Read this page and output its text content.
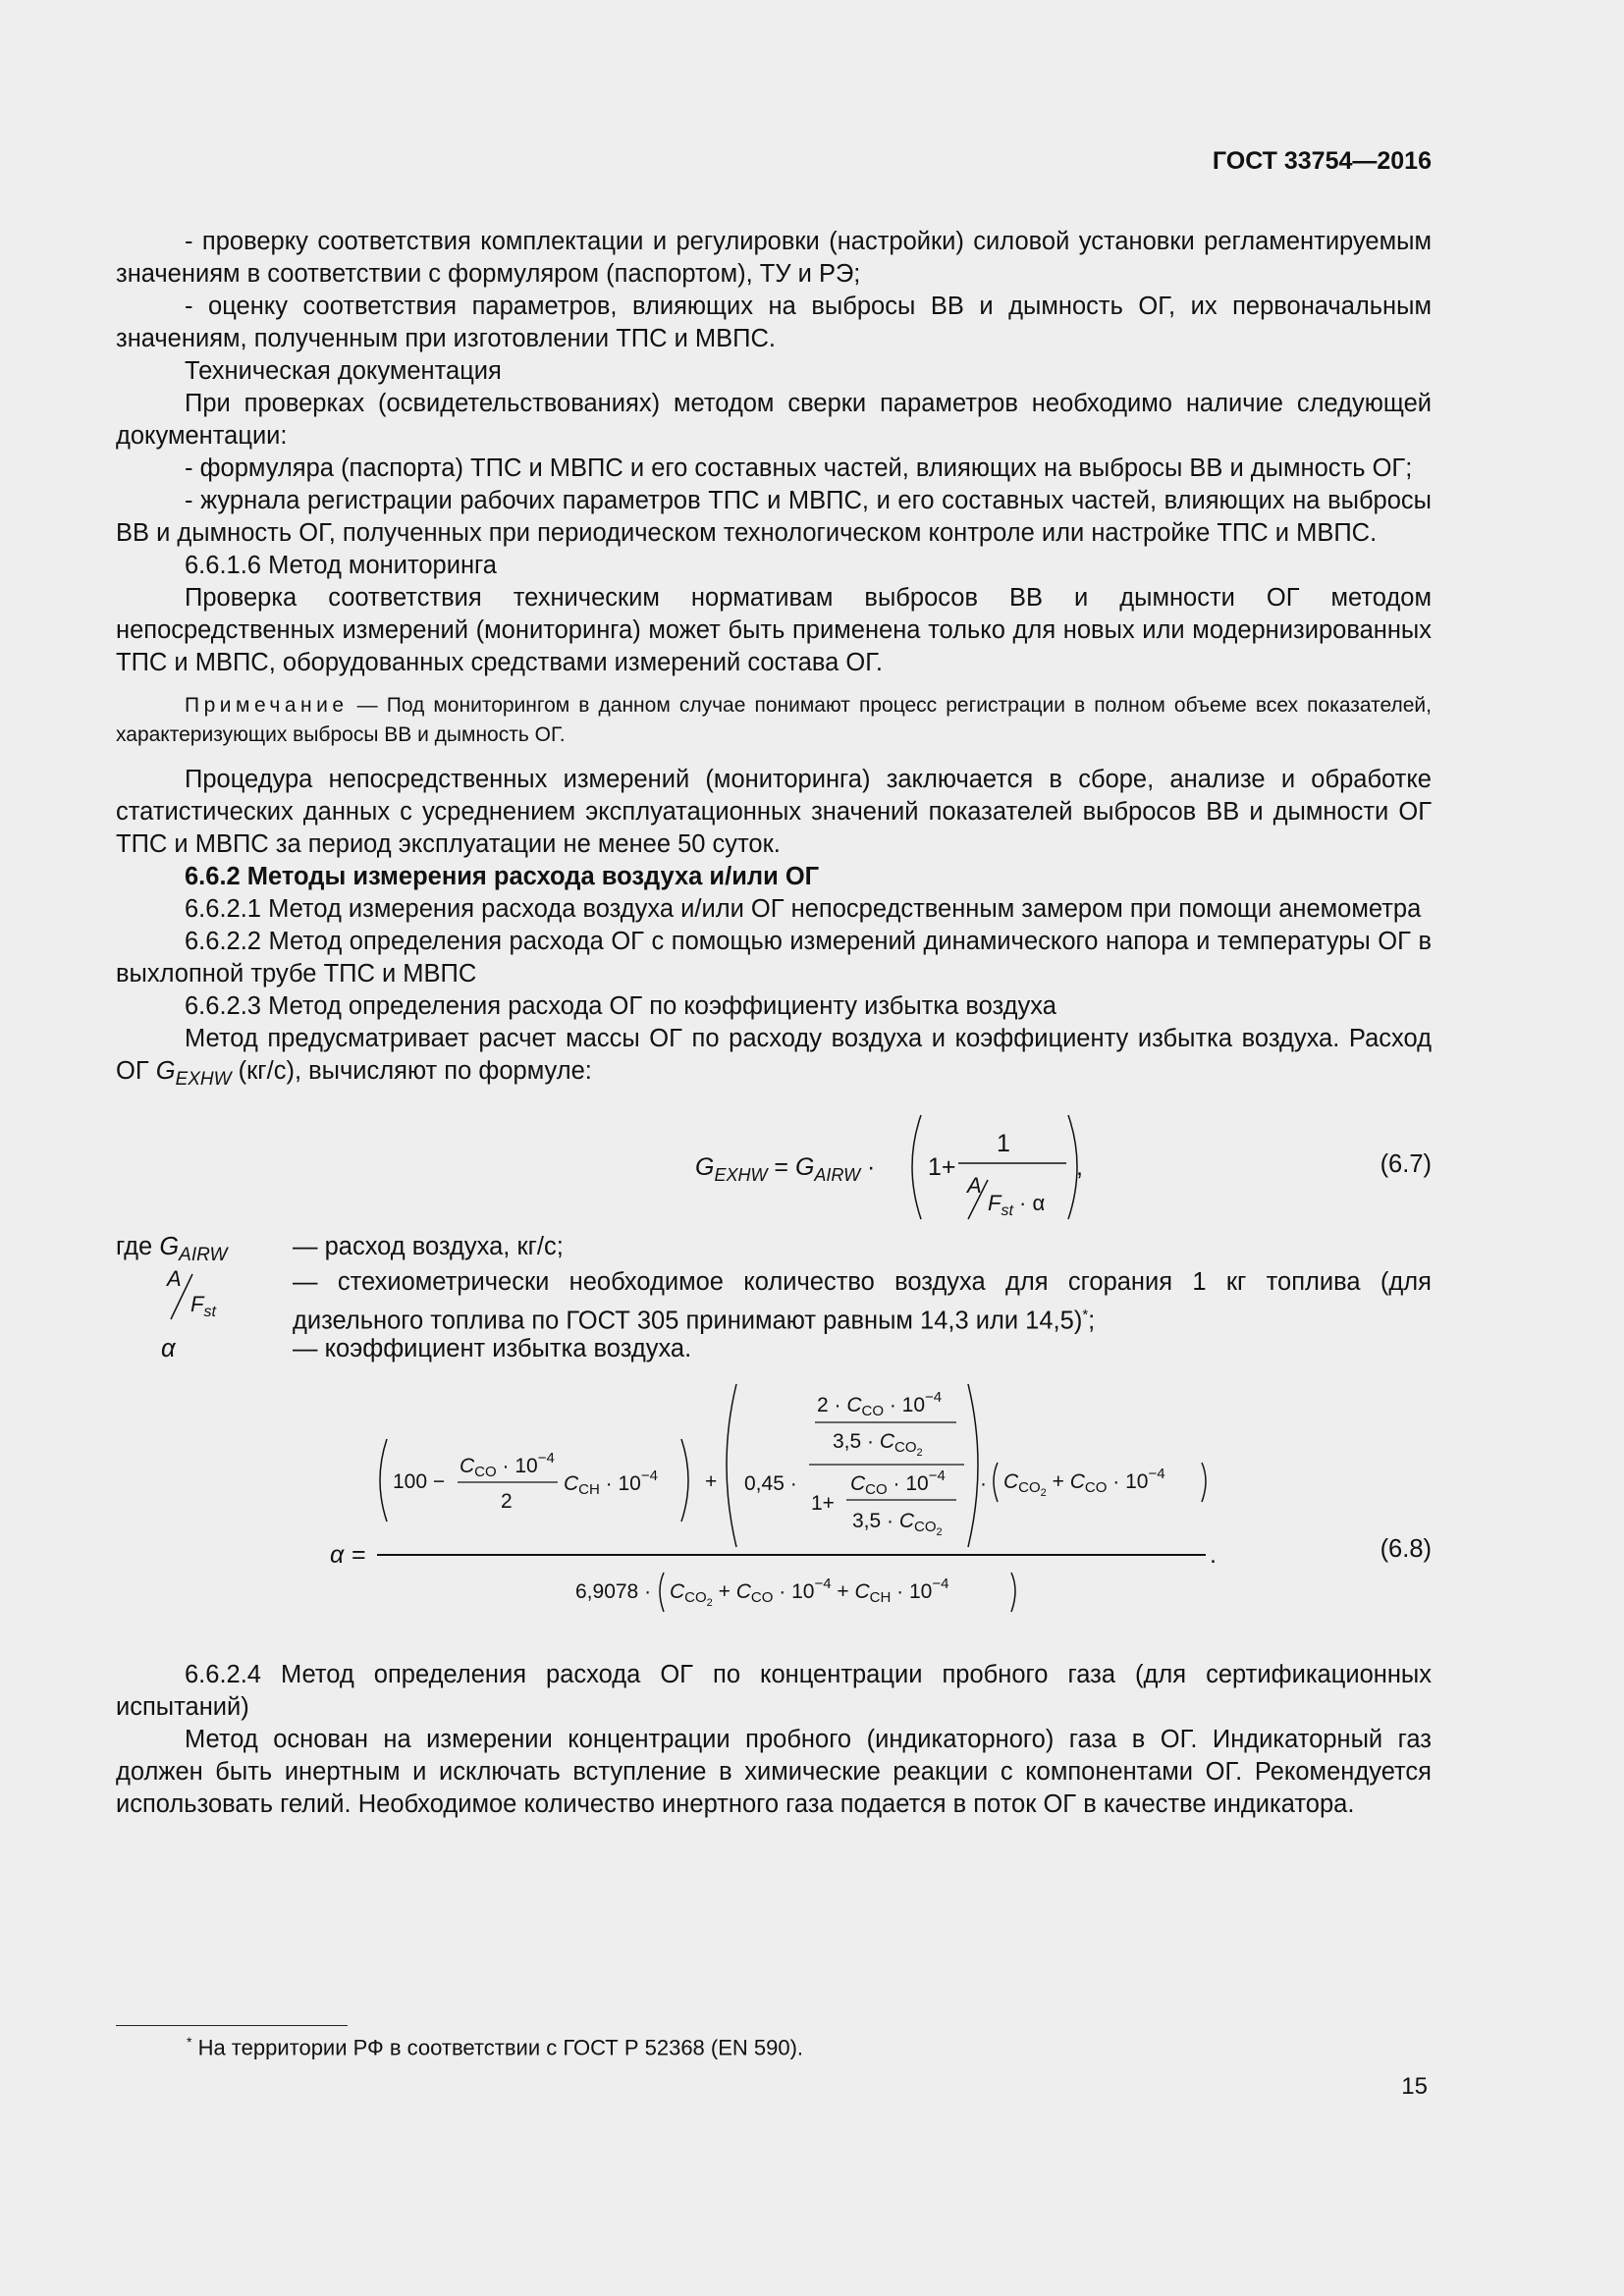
ГОСТ 33754—2016

- проверку соответствия комплектации и регулировки (настройки) силовой установки регламентируемым значениям в соответствии с формуляром (паспортом), ТУ и РЭ;

- оценку соответствия параметров, влияющих на выбросы ВВ и дымность ОГ, их первоначальным значениям, полученным при изготовлении ТПС и МВПС.

Техническая документация

При проверках (освидетельствованиях) методом сверки параметров необходимо наличие следующей документации:

- формуляра (паспорта) ТПС и МВПС и его составных частей, влияющих на выбросы ВВ и дымность ОГ;

- журнала регистрации рабочих параметров ТПС и МВПС, и его составных частей, влияющих на выбросы ВВ и дымность ОГ, полученных при периодическом технологическом контроле или настройке ТПС и МВПС.

6.6.1.6 Метод мониторинга

Проверка соответствия техническим нормативам выбросов ВВ и дымности ОГ методом непосредственных измерений (мониторинга) может быть применена только для новых или модернизированных ТПС и МВПС, оборудованных средствами измерений состава ОГ.

Примечание — Под мониторингом в данном случае понимают процесс регистрации в полном объеме всех показателей, характеризующих выбросы ВВ и дымность ОГ.

Процедура непосредственных измерений (мониторинга) заключается в сборе, анализе и обработке статистических данных с усреднением эксплуатационных значений показателей выбросов ВВ и дымности ОГ ТПС и МВПС за период эксплуатации не менее 50 суток.

6.6.2 Методы измерения расхода воздуха и/или ОГ

6.6.2.1 Метод измерения расхода воздуха и/или ОГ непосредственным замером при помощи анемометра

6.6.2.2 Метод определения расхода ОГ с помощью измерений динамического напора и температуры ОГ в выхлопной трубе ТПС и МВПС

6.6.2.3 Метод определения расхода ОГ по коэффициенту избытка воздуха

Метод предусматривает расчет массы ОГ по расходу воздуха и коэффициенту избытка воздуха. Расход ОГ $G_{EXHW}$ (кг/с), вычисляют по формуле:

$G_{EXHW} = G_{AIRW} \cdot 1+$
1
A
$F_{st} \cdot \alpha$
,	(6.7)
где $G_{AIRW}$	— расход воздуха, кг/с;
A
$F_{st}$
— стехиометрически необходимое количество воздуха для сгорания 1 кг топлива (для дизельного топлива по ГОСТ 305 принимают равным 14,3 или 14,5)*;
α	— коэффициент избытка воздуха.
α =	.
100 −
CCO · $10^{-4}$
2
CCH · $10^{-4} + 0,45$ ·
2 · CCO · $10^{-4}$
3,5 · CCO2
1+
CCO · $10^{-4}$
3,5 · CCO2
· CCO2 + CCO · $10^{-4}$
6,9078 · CCO2 + CCO · $10^{-4}$ + CCH · $10^{-4}$
(6.8)

6.6.2.4 Метод определения расхода ОГ по концентрации пробного газа (для сертификационных испытаний)

Метод основан на измерении концентрации пробного (индикаторного) газа в ОГ. Индикаторный газ должен быть инертным и исключать вступление в химические реакции с компонентами ОГ. Рекомендуется использовать гелий. Необходимое количество инертного газа подается в поток ОГ в качестве индикатора.

* На территории РФ в соответствии с ГОСТ Р 52368 (EN 590).
15
